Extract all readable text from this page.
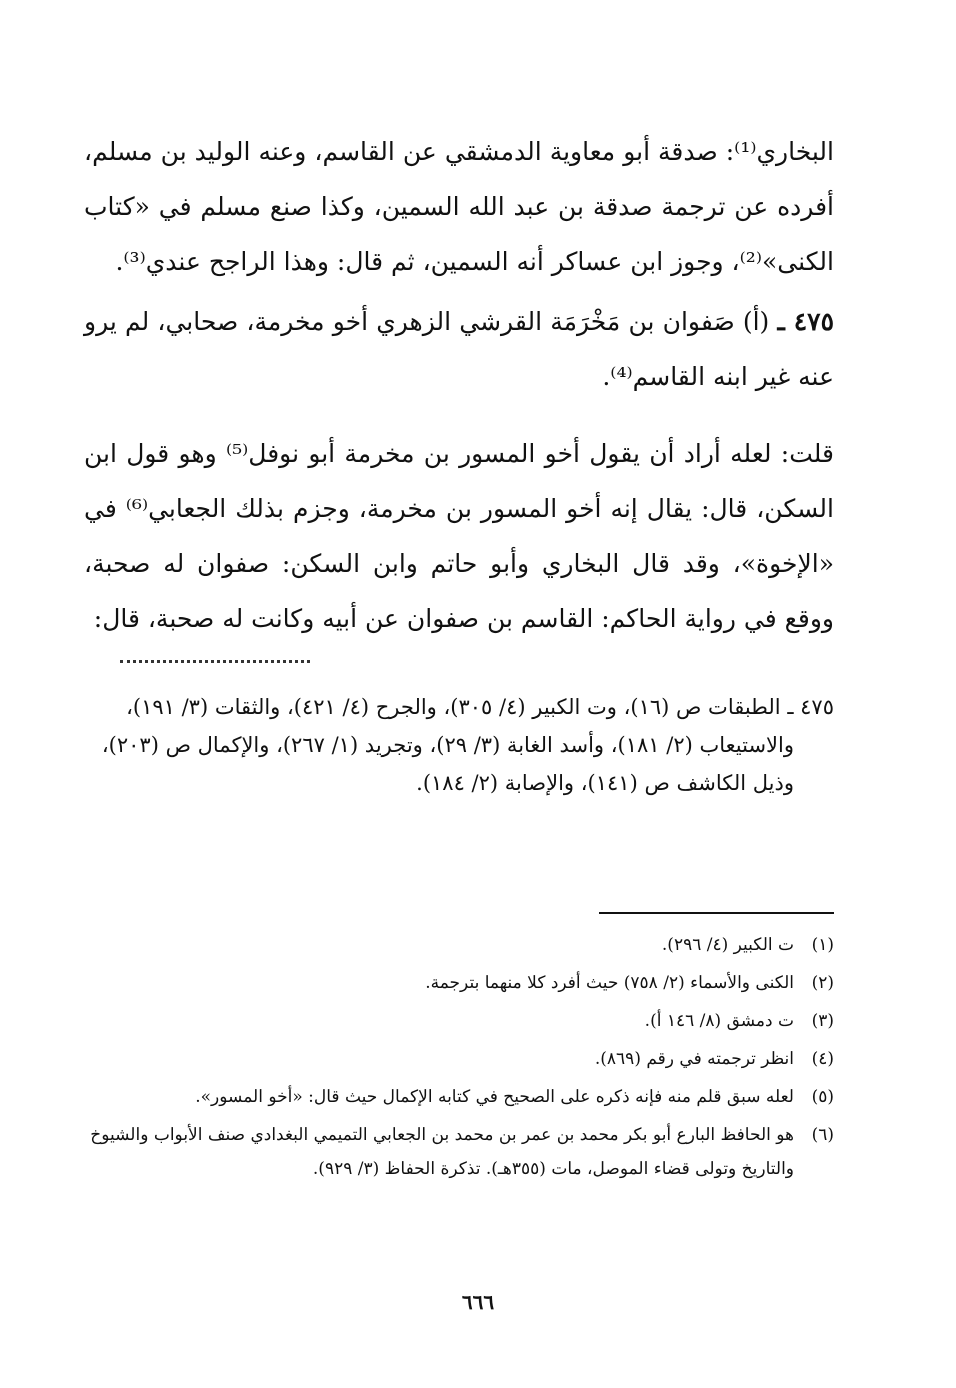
البخاري⁽¹⁾: صدقة أبو معاوية الدمشقي عن القاسم، وعنه الوليد بن مسلم، أفرده عن ترجمة صدقة بن عبد الله السمين، وكذا صنع مسلم في «كتاب الكنى»⁽²⁾، وجوز ابن عساكر أنه السمين، ثم قال: وهذا الراجح عندي⁽³⁾.

٤٧٥ ـ (أ) صَفوان بن مَخْرَمَة القرشي الزهري أخو مخرمة، صحابي، لم يرو عنه غير ابنه القاسم⁽⁴⁾.

قلت: لعله أراد أن يقول أخو المسور بن مخرمة أبو نوفل⁽⁵⁾ وهو قول ابن السكن، قال: يقال إنه أخو المسور بن مخرمة، وجزم بذلك الجعابي⁽⁶⁾ في «الإخوة»، وقد قال البخاري وأبو حاتم وابن السكن: صفوان له صحبة، ووقع في رواية الحاكم: القاسم بن صفوان عن أبيه وكانت له صحبة، قال:

٤٧٥ ـ الطبقات ص (١٦)، وت الكبير (٤/ ٣٠٥)، والجرح (٤/ ٤٢١)، والثقات (٣/ ١٩١)، والاستيعاب (٢/ ١٨١)، وأسد الغابة (٣/ ٢٩)، وتجريد (١/ ٢٦٧)، والإكمال ص (٢٠٣)، وذيل الكاشف ص (١٤١)، والإصابة (٢/ ١٨٤).

(١)
ت الكبير (٤/ ٢٩٦).
(٢)
الكنى والأسماء (٢/ ٧٥٨) حيث أفرد كلا منهما بترجمة.
(٣)
ت دمشق (٨/ ١٤٦ أ).
(٤)
انظر ترجمته في رقم (٨٦٩).
(٥)
لعله سبق قلم منه فإنه ذكره على الصحيح في كتابه الإكمال حيث قال: «أخو المسور».
(٦)
هو الحافظ البارع أبو بكر محمد بن عمر بن محمد بن الجعابي التميمي البغدادي صنف الأبواب والشيوخ والتاريخ وتولى قضاء الموصل، مات (٣٥٥هـ). تذكرة الحفاظ (٣/ ٩٢٩).
٦٦٦
